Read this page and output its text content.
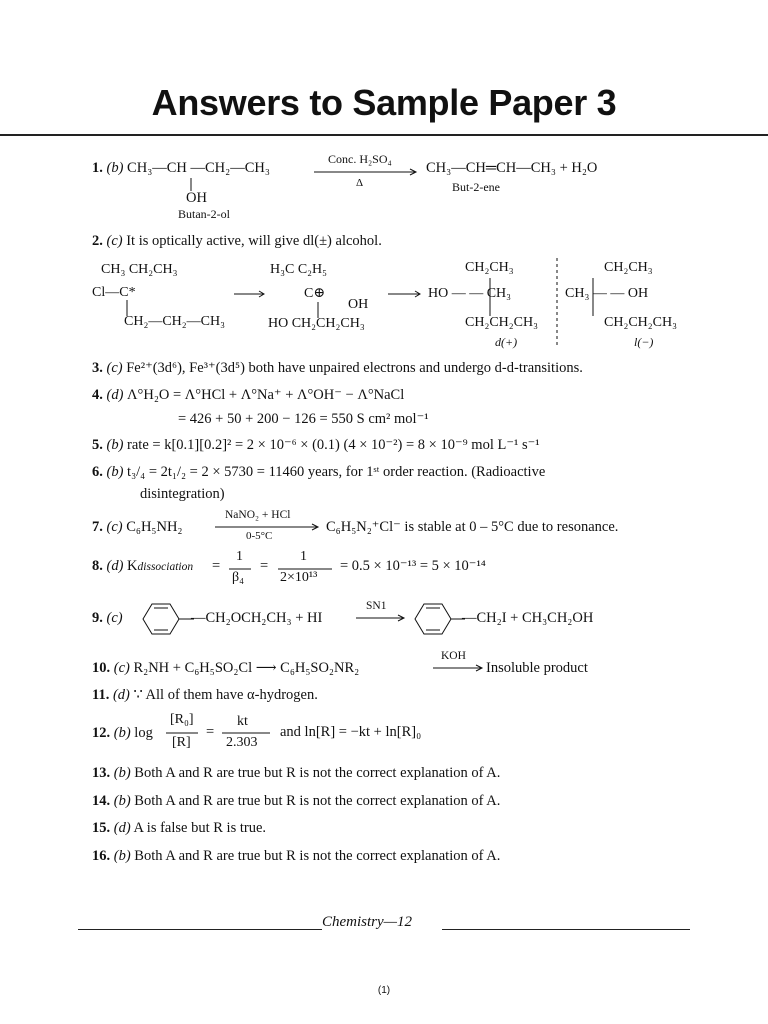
Answers to Sample Paper 3
1. (b) CH₃—CH —CH₂—CH₃
Conc. H₂SO₄
Δ
CH₃—CH═CH—CH₃ + H₂O
OH
Butan-2-ol
But-2-ene
2. (c) It is optically active, will give dl(±) alcohol.
CH₃ CH₂CH₃
Cl—C*
CH₂—CH₂—CH₃
H₃C C₂H₅
C⊕
OH
HO CH₂CH₂CH₃
CH₂CH₃
HO — — CH₃
CH₂CH₂CH₃
d(+)
CH₂CH₃
CH₃ — — OH
CH₂CH₂CH₃
l(−)
3. (c) Fe²⁺(3d⁶), Fe³⁺(3d⁵) both have unpaired electrons and undergo d-d-transitions.
4. (d) Λ°H₂O = Λ°HCl + Λ°Na⁺ + Λ°OH⁻ − Λ°NaCl
= 426 + 50 + 200 − 126 = 550 S cm² mol⁻¹
5. (b) rate = k[0.1][0.2]² = 2 × 10⁻⁶ × (0.1) (4 × 10⁻²) = 8 × 10⁻⁹ mol L⁻¹ s⁻¹
6. (b) t₃/₄ = 2t₁/₂ = 2 × 5730 = 11460 years, for 1ˢᵗ order reaction. (Radioactive
disintegration)
7. (c) C₆H₅NH₂
NaNO₂ + HCl
0-5°C
C₆H₅N₂⁺Cl⁻ is stable at 0 – 5°C due to resonance.
8. (d) Kdissociation =
1
β₄
=
1
2×10¹³
= 0.5 × 10⁻¹³ = 5 × 10⁻¹⁴
9. (c)	—CH₂OCH₂CH₃ + HI
SN1
—CH₂I + CH₃CH₂OH
10. (c) R₂NH + C₆H₅SO₂Cl ⟶ C₆H₅SO₂NR₂
KOH
Insoluble product
11. (d) ∵ All of them have α-hydrogen.
12. (b) log
[R₀]
[R]
=
kt
2.303
and ln[R] = −kt + ln[R]₀
13. (b) Both A and R are true but R is not the correct explanation of A.
14. (b) Both A and R are true but R is not the correct explanation of A.
15. (d) A is false but R is true.
16. (b) Both A and R are true but R is not the correct explanation of A.
Chemistry—12
(1)
